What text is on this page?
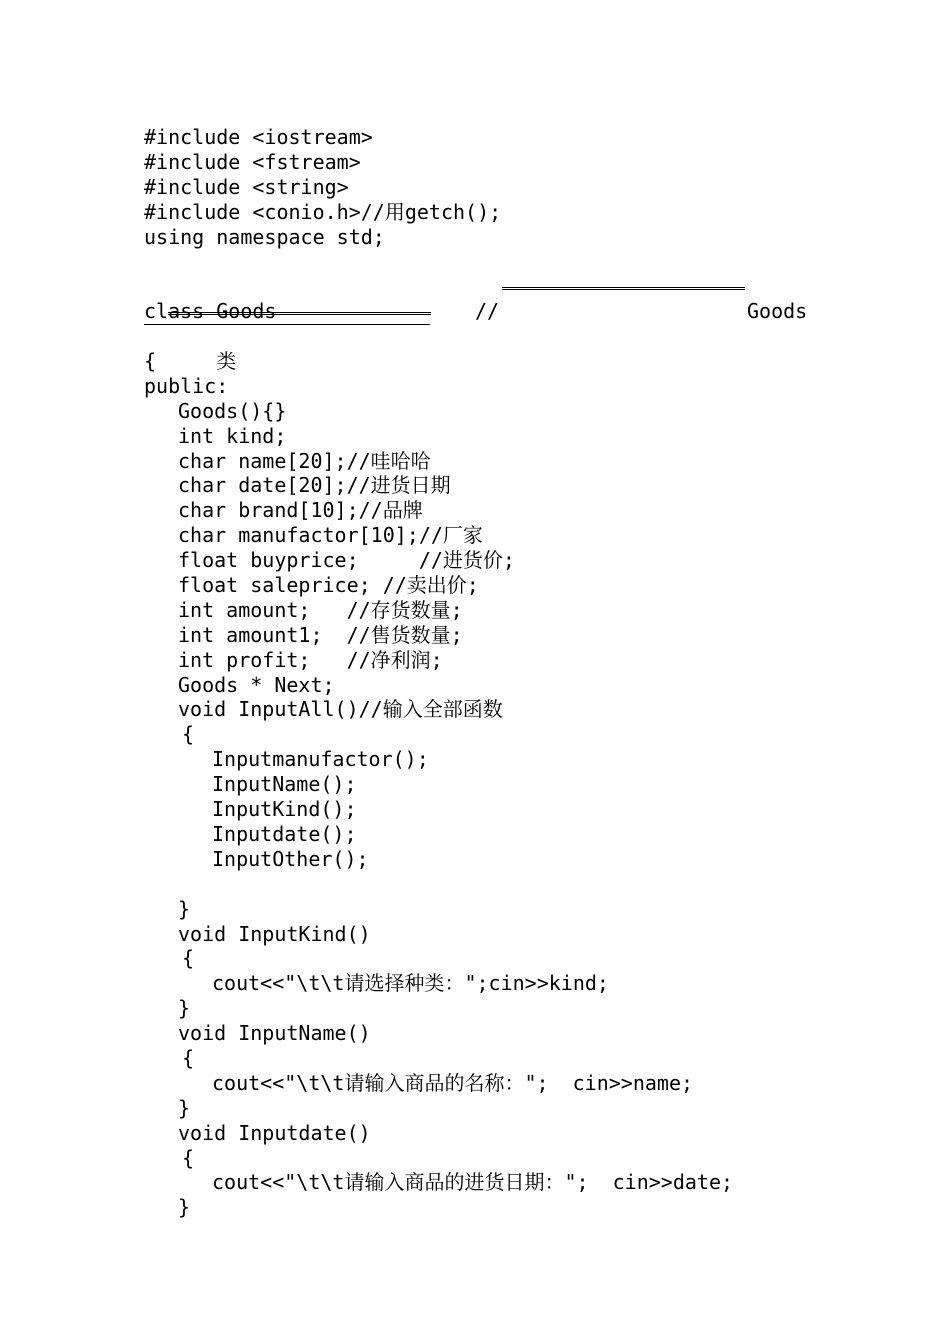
#include <iostream>
#include <fstream>
#include <string>
#include <conio.h>//用getch();
using namespace std;

class Goods

	//

	Goods

类

{
public:
Goods(){}
int kind;
char name[20];//哇哈哈
char date[20];//进货日期
char brand[10];//品牌
char manufactor[10];//厂家
float buyprice;     //进货价;
float saleprice; //卖出价;
int amount;   //存货数量;
int amount1;  //售货数量;
int profit;   //净利润;
Goods * Next;
void InputAll()//输入全部函数
{
Inputmanufactor();
InputName();
InputKind();
Inputdate();
InputOther();
}
void InputKind()
{
cout<<"\t\t请选择种类：";cin>>kind;
}
void InputName()
{
cout<<"\t\t请输入商品的名称：";  cin>>name;
}
void Inputdate()
{
cout<<"\t\t请输入商品的进货日期：";  cin>>date;
}
